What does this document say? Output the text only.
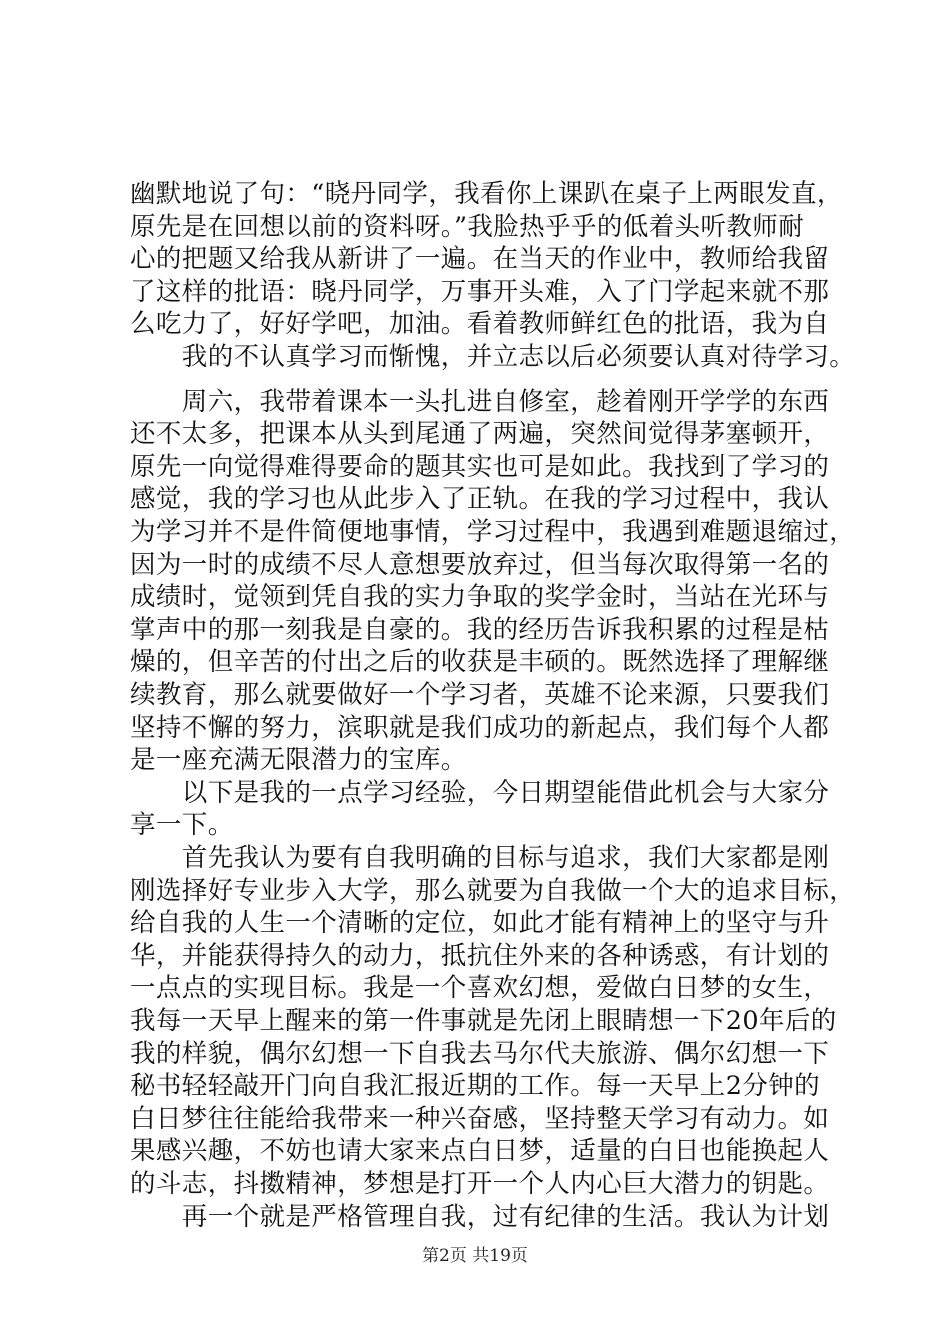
幽默地说了句：“晓丹同学，我看你上课趴在桌子上两眼发直，
原先是在回想以前的资料呀。”我脸热乎乎的低着头听教师耐
心的把题又给我从新讲了一遍。在当天的作业中，教师给我留
了这样的批语：晓丹同学，万事开头难，入了门学起来就不那
么吃力了，好好学吧，加油。看着教师鲜红色的批语，我为自
　　我的不认真学习而惭愧，并立志以后必须要认真对待学习。
　　周六，我带着课本一头扎进自修室，趁着刚开学学的东西
还不太多，把课本从头到尾通了两遍，突然间觉得茅塞顿开，
原先一向觉得难得要命的题其实也可是如此。我找到了学习的
感觉，我的学习也从此步入了正轨。在我的学习过程中，我认
为学习并不是件简便地事情，学习过程中，我遇到难题退缩过，
因为一时的成绩不尽人意想要放弃过，但当每次取得第一名的
成绩时，觉领到凭自我的实力争取的奖学金时，当站在光环与
掌声中的那一刻我是自豪的。我的经历告诉我积累的过程是枯
燥的，但辛苦的付出之后的收获是丰硕的。既然选择了理解继
续教育，那么就要做好一个学习者，英雄不论来源，只要我们
坚持不懈的努力，滨职就是我们成功的新起点，我们每个人都
是一座充满无限潜力的宝库。
　　以下是我的一点学习经验，今日期望能借此机会与大家分
享一下。
　　首先我认为要有自我明确的目标与追求，我们大家都是刚
刚选择好专业步入大学，那么就要为自我做一个大的追求目标，
给自我的人生一个清晰的定位，如此才能有精神上的坚守与升
华，并能获得持久的动力，抵抗住外来的各种诱惑，有计划的
一点点的实现目标。我是一个喜欢幻想，爱做白日梦的女生，
我每一天早上醒来的第一件事就是先闭上眼睛想一下20年后的
我的样貌，偶尔幻想一下自我去马尔代夫旅游、偶尔幻想一下
秘书轻轻敲开门向自我汇报近期的工作。每一天早上2分钟的
白日梦往往能给我带来一种兴奋感，坚持整天学习有动力。如
果感兴趣，不妨也请大家来点白日梦，适量的白日也能换起人
的斗志，抖擞精神，梦想是打开一个人内心巨大潜力的钥匙。
　　再一个就是严格管理自我，过有纪律的生活。我认为计划
第2页 共19页
